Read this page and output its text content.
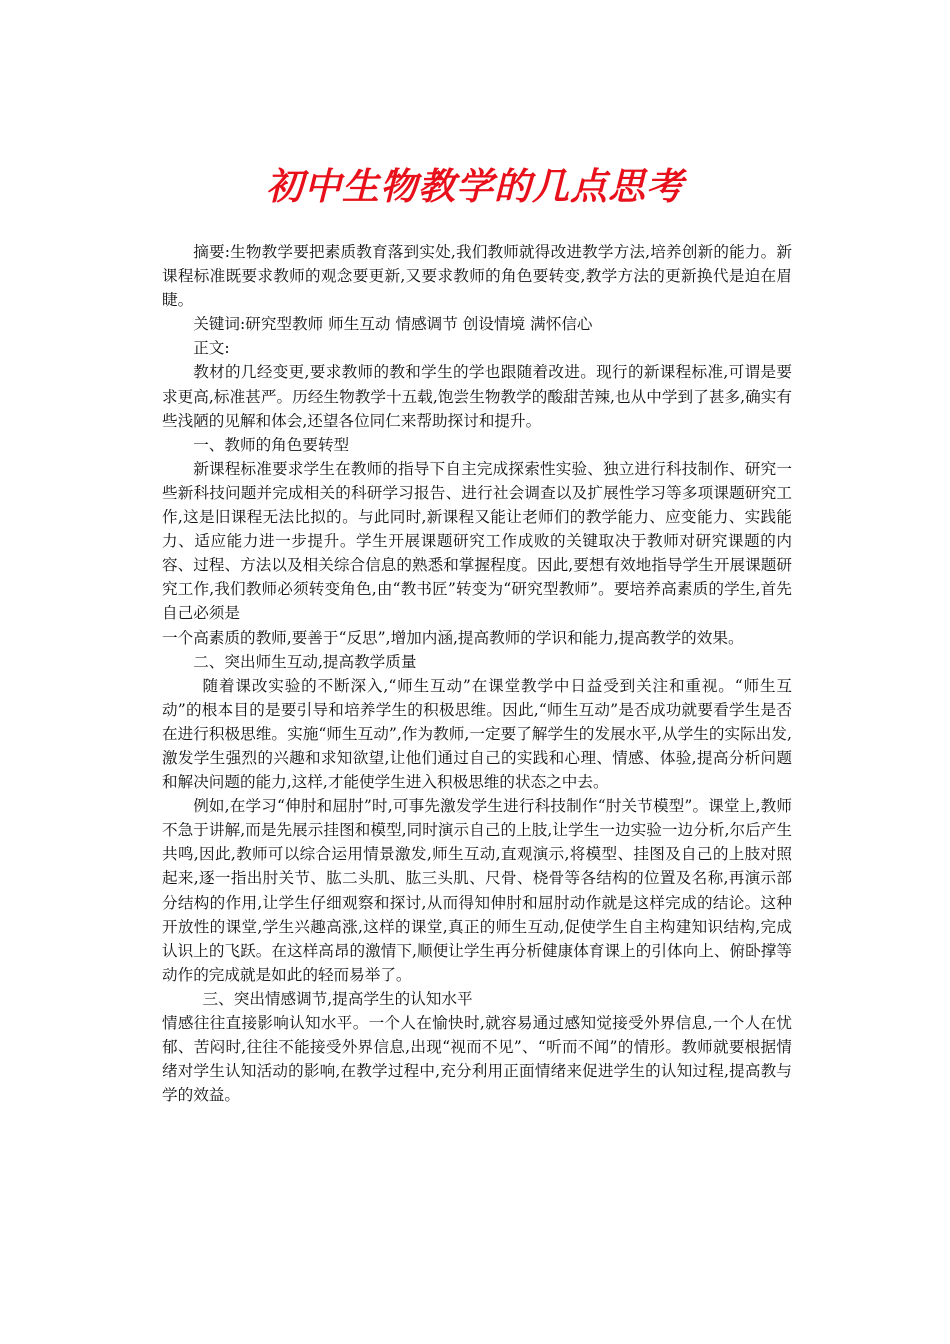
初中生物教学的几点思考

摘要:生物教学要把素质教育落到实处,我们教师就得改进教学方法,培养创新的能力。新课程标准既要求教师的观念要更新,又要求教师的角色要转变,教学方法的更新换代是迫在眉睫。

关键词:研究型教师 师生互动 情感调节 创设情境 满怀信心

正文:

教材的几经变更,要求教师的教和学生的学也跟随着改进。现行的新课程标准,可谓是要求更高,标准甚严。历经生物教学十五载,饱尝生物教学的酸甜苦辣,也从中学到了甚多,确实有些浅陋的见解和体会,还望各位同仁来帮助探讨和提升。

一、教师的角色要转型

新课程标准要求学生在教师的指导下自主完成探索性实验、独立进行科技制作、研究一些新科技问题并完成相关的科研学习报告、进行社会调查以及扩展性学习等多项课题研究工作,这是旧课程无法比拟的。与此同时,新课程又能让老师们的教学能力、应变能力、实践能力、适应能力进一步提升。学生开展课题研究工作成败的关键取决于教师对研究课题的内容、过程、方法以及相关综合信息的熟悉和掌握程度。因此,要想有效地指导学生开展课题研究工作,我们教师必须转变角色,由“教书匠”转变为“研究型教师”。要培养高素质的学生,首先自己必须是

一个高素质的教师,要善于“反思”,增加内涵,提高教师的学识和能力,提高教学的效果。

二、突出师生互动,提高教学质量

随着课改实验的不断深入,“师生互动”在课堂教学中日益受到关注和重视。“师生互动”的根本目的是要引导和培养学生的积极思维。因此,“师生互动”是否成功就要看学生是否在进行积极思维。实施“师生互动”,作为教师,一定要了解学生的发展水平,从学生的实际出发,激发学生强烈的兴趣和求知欲望,让他们通过自己的实践和心理、情感、体验,提高分析问题和解决问题的能力,这样,才能使学生进入积极思维的状态之中去。

例如,在学习“伸肘和屈肘”时,可事先激发学生进行科技制作“肘关节模型”。课堂上,教师不急于讲解,而是先展示挂图和模型,同时演示自己的上肢,让学生一边实验一边分析,尔后产生共鸣,因此,教师可以综合运用情景激发,师生互动,直观演示,将模型、挂图及自己的上肢对照起来,逐一指出肘关节、肱二头肌、肱三头肌、尺骨、桡骨等各结构的位置及名称,再演示部分结构的作用,让学生仔细观察和探讨,从而得知伸肘和屈肘动作就是这样完成的结论。这种开放性的课堂,学生兴趣高涨,这样的课堂,真正的师生互动,促使学生自主构建知识结构,完成认识上的飞跃。在这样高昂的激情下,顺便让学生再分析健康体育课上的引体向上、俯卧撑等动作的完成就是如此的轻而易举了。

三、突出情感调节,提高学生的认知水平

情感往往直接影响认知水平。一个人在愉快时,就容易通过感知觉接受外界信息,一个人在忧郁、苦闷时,往往不能接受外界信息,出现“视而不见”、“听而不闻”的情形。教师就要根据情绪对学生认知活动的影响,在教学过程中,充分利用正面情绪来促进学生的认知过程,提高教与学的效益。
